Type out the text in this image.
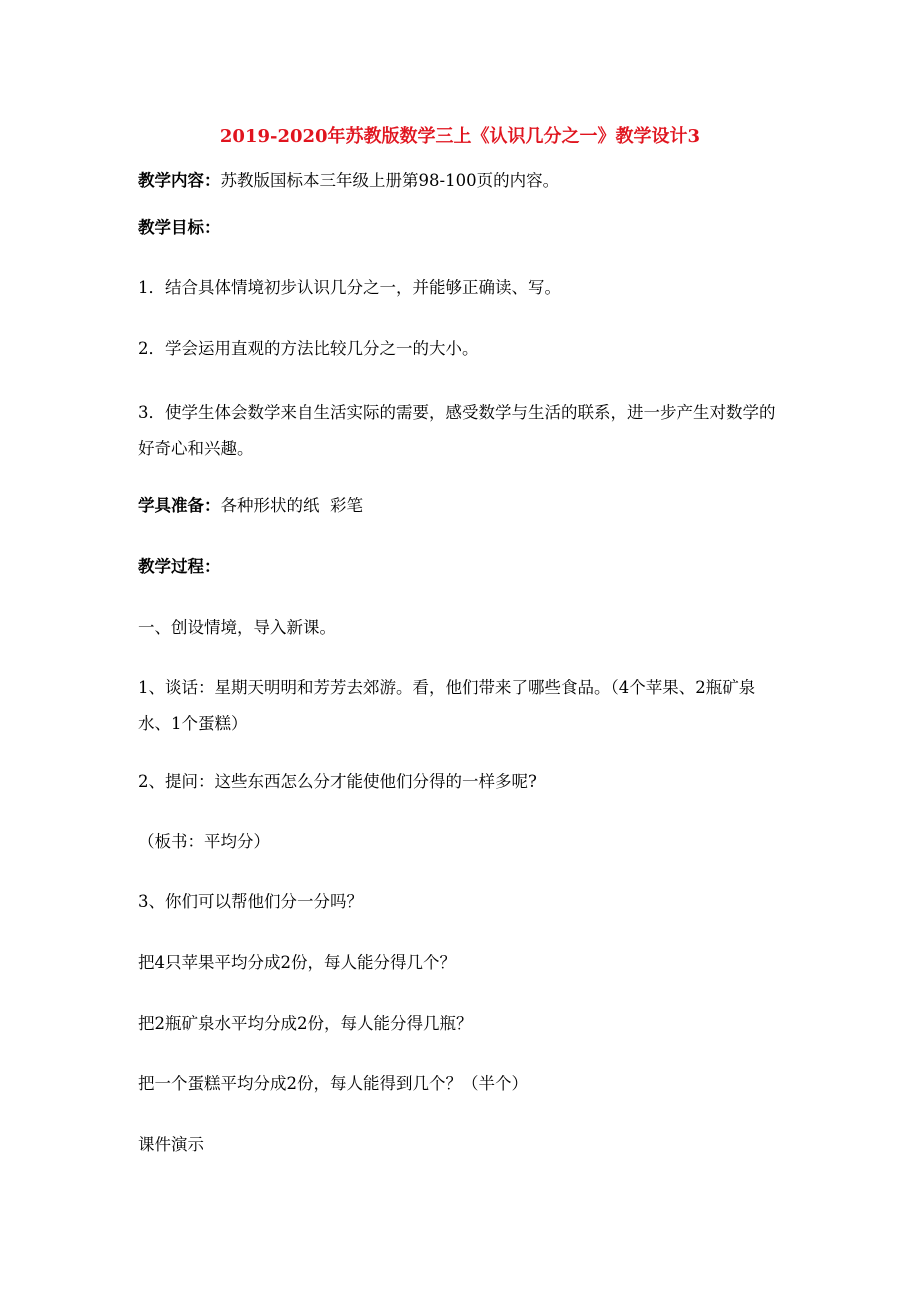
2019-2020年苏教版数学三上《认识几分之一》教学设计3
教学内容：苏教版国标本三年级上册第98-100页的内容。
教学目标：
1．结合具体情境初步认识几分之一，并能够正确读、写。
2．学会运用直观的方法比较几分之一的大小。
3．使学生体会数学来自生活实际的需要，感受数学与生活的联系，进一步产生对数学的好奇心和兴趣。
学具准备：各种形状的纸  彩笔
教学过程：
一、创设情境，导入新课。
1、谈话：星期天明明和芳芳去郊游。看，他们带来了哪些食品。（4个苹果、2瓶矿泉水、1个蛋糕）
2、提问：这些东西怎么分才能使他们分得的一样多呢?
（板书：平均分）
3、你们可以帮他们分一分吗？
把4只苹果平均分成2份，每人能分得几个？
把2瓶矿泉水平均分成2份，每人能分得几瓶？
把一个蛋糕平均分成2份，每人能得到几个？（半个）
课件演示
